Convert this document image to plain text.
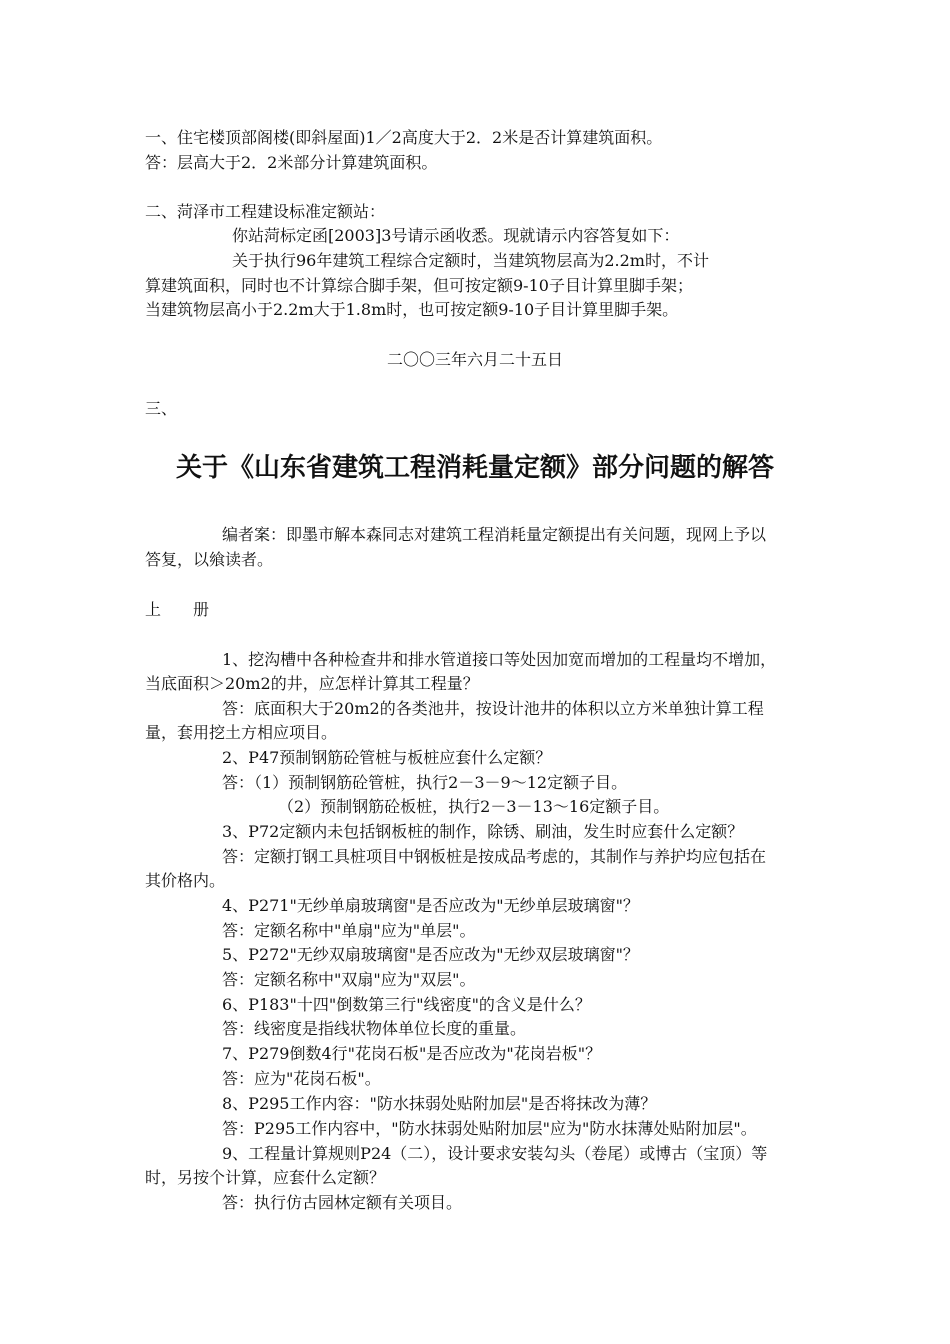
一、住宅楼顶部阁楼(即斜屋面)1／2高度大于2．2米是否计算建筑面积。
答：层高大于2．2米部分计算建筑面积。
二、菏泽市工程建设标准定额站：
你站菏标定函[2003]3号请示函收悉。现就请示内容答复如下：
关于执行96年建筑工程综合定额时，当建筑物层高为2.2m时，不计
算建筑面积，同时也不计算综合脚手架，但可按定额9-10子目计算里脚手架；
当建筑物层高小于2.2m大于1.8m时，也可按定额9-10子目计算里脚手架。
二〇〇三年六月二十五日
三、
关于《山东省建筑工程消耗量定额》部分问题的解答
编者案：即墨市解本森同志对建筑工程消耗量定额提出有关问题，现网上予以
答复，以飨读者。
上　　册
1、挖沟槽中各种检查井和排水管道接口等处因加宽而增加的工程量均不增加，
当底面积＞20m2的井，应怎样计算其工程量？
答：底面积大于20m2的各类池井，按设计池井的体积以立方米单独计算工程
量，套用挖土方相应项目。
2、P47预制钢筋砼管桩与板桩应套什么定额？
答：（1）预制钢筋砼管桩，执行2－3－9～12定额子目。
（2）预制钢筋砼板桩，执行2－3－13～16定额子目。
3、P72定额内未包括钢板桩的制作，除锈、刷油，发生时应套什么定额？
答：定额打钢工具桩项目中钢板桩是按成品考虑的，其制作与养护均应包括在
其价格内。
4、P271"无纱单扇玻璃窗"是否应改为"无纱单层玻璃窗"？
答：定额名称中"单扇"应为"单层"。
5、P272"无纱双扇玻璃窗"是否应改为"无纱双层玻璃窗"？
答：定额名称中"双扇"应为"双层"。
6、P183"十四"倒数第三行"线密度"的含义是什么？
答：线密度是指线状物体单位长度的重量。
7、P279倒数4行"花岗石板"是否应改为"花岗岩板"？
答：应为"花岗石板"。
8、P295工作内容："防水抹弱处贴附加层"是否将抹改为薄？
答：P295工作内容中，"防水抹弱处贴附加层"应为"防水抹薄处贴附加层"。
9、工程量计算规则P24（二），设计要求安装勾头（卷尾）或博古（宝顶）等
时，另按个计算，应套什么定额？
答：执行仿古园林定额有关项目。
